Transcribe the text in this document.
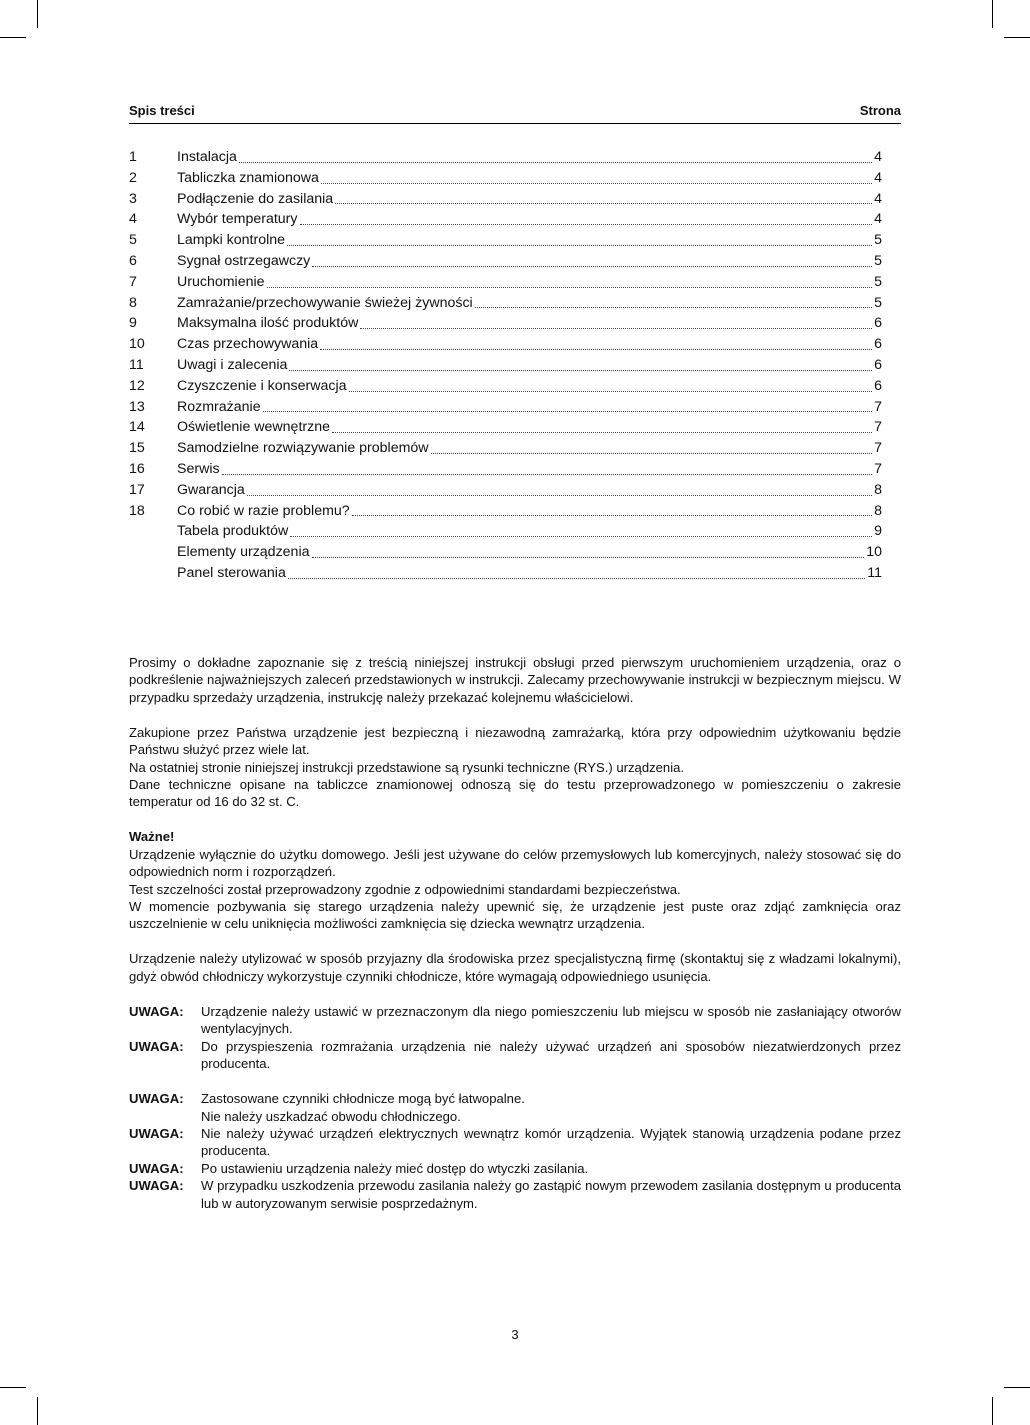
Spis treści	Strona
1	Instalacja	4
2	Tabliczka znamionowa	4
3	Podłączenie do zasilania	4
4	Wybór temperatury	4
5	Lampki kontrolne	5
6	Sygnał ostrzegawczy	5
7	Uruchomienie	5
8	Zamrażanie/przechowywanie świeżej żywności	5
9	Maksymalna ilość produktów	6
10	Czas przechowywania	6
11	Uwagi i zalecenia	6
12	Czyszczenie i konserwacja	6
13	Rozmrażanie	7
14	Oświetlenie wewnętrzne	7
15	Samodzielne rozwiązywanie problemów	7
16	Serwis	7
17	Gwarancja	8
18	Co robić w razie problemu?	8
Tabela produktów	9
Elementy urządzenia	10
Panel sterowania	11

Prosimy o dokładne zapoznanie się z treścią niniejszej instrukcji obsługi przed pierwszym uruchomieniem urządzenia, oraz o podkreślenie najważniejszych zaleceń przedstawionych w instrukcji. Zalecamy przechowywanie instrukcji w bezpiecznym miejscu. W przypadku sprzedaży urządzenia, instrukcję należy przekazać kolejnemu właścicielowi.

Zakupione przez Państwa urządzenie jest bezpieczną i niezawodną zamrażarką, która przy odpowiednim użytkowaniu będzie Państwu służyć przez wiele lat.

Na ostatniej stronie niniejszej instrukcji przedstawione są rysunki techniczne (RYS.) urządzenia.

Dane techniczne opisane na tabliczce znamionowej odnoszą się do testu przeprowadzonego w pomieszczeniu o zakresie temperatur od 16 do 32 st. C.

Ważne!

Urządzenie wyłącznie do użytku domowego. Jeśli jest używane do celów przemysłowych lub komercyjnych, należy stosować się do odpowiednich norm i rozporządzeń.

Test szczelności został przeprowadzony zgodnie z odpowiednimi standardami bezpieczeństwa.

W momencie pozbywania się starego urządzenia należy upewnić się, że urządzenie jest puste oraz zdjąć zamknięcia oraz uszczelnienie w celu uniknięcia możliwości zamknięcia się dziecka wewnątrz urządzenia.

Urządzenie należy utylizować w sposób przyjazny dla środowiska przez specjalistyczną firmę (skontaktuj się z władzami lokalnymi), gdyż obwód chłodniczy wykorzystuje czynniki chłodnicze, które wymagają odpowiedniego usunięcia.

UWAGA:	Urządzenie należy ustawić w przeznaczonym dla niego pomieszczeniu lub miejscu w sposób nie zasłaniający otworów wentylacyjnych.
UWAGA:	Do przyspieszenia rozmrażania urządzenia nie należy używać urządzeń ani sposobów niezatwierdzonych przez producenta.
UWAGA:	Zastosowane czynniki chłodnicze mogą być łatwopalne.
Nie należy uszkadzać obwodu chłodniczego.
UWAGA:	Nie należy używać urządzeń elektrycznych wewnątrz komór urządzenia. Wyjątek stanowią urządzenia podane przez producenta.
UWAGA:	Po ustawieniu urządzenia należy mieć dostęp do wtyczki zasilania.
UWAGA:	W przypadku uszkodzenia przewodu zasilania należy go zastąpić nowym przewodem zasilania dostępnym u producenta lub w autoryzowanym serwisie posprzedażnym.
3
